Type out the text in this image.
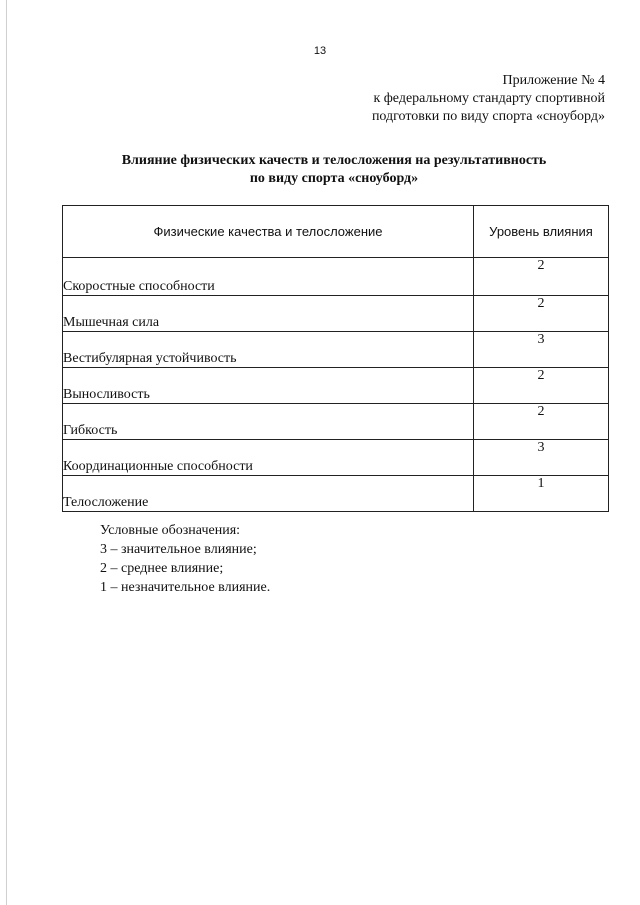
13
Приложение № 4
к федеральному стандарту спортивной
подготовки по виду спорта «сноуборд»
Влияние физических качеств и телосложения на результативность
по виду спорта «сноуборд»
Физические качества и телосложение	Уровень влияния
Скоростные способности	2
Мышечная сила	2
Вестибулярная устойчивость	3
Выносливость	2
Гибкость	2
Координационные способности	3
Телосложение	1
Условные обозначения:
3 – значительное влияние;
2 – среднее влияние;
1 – незначительное влияние.
